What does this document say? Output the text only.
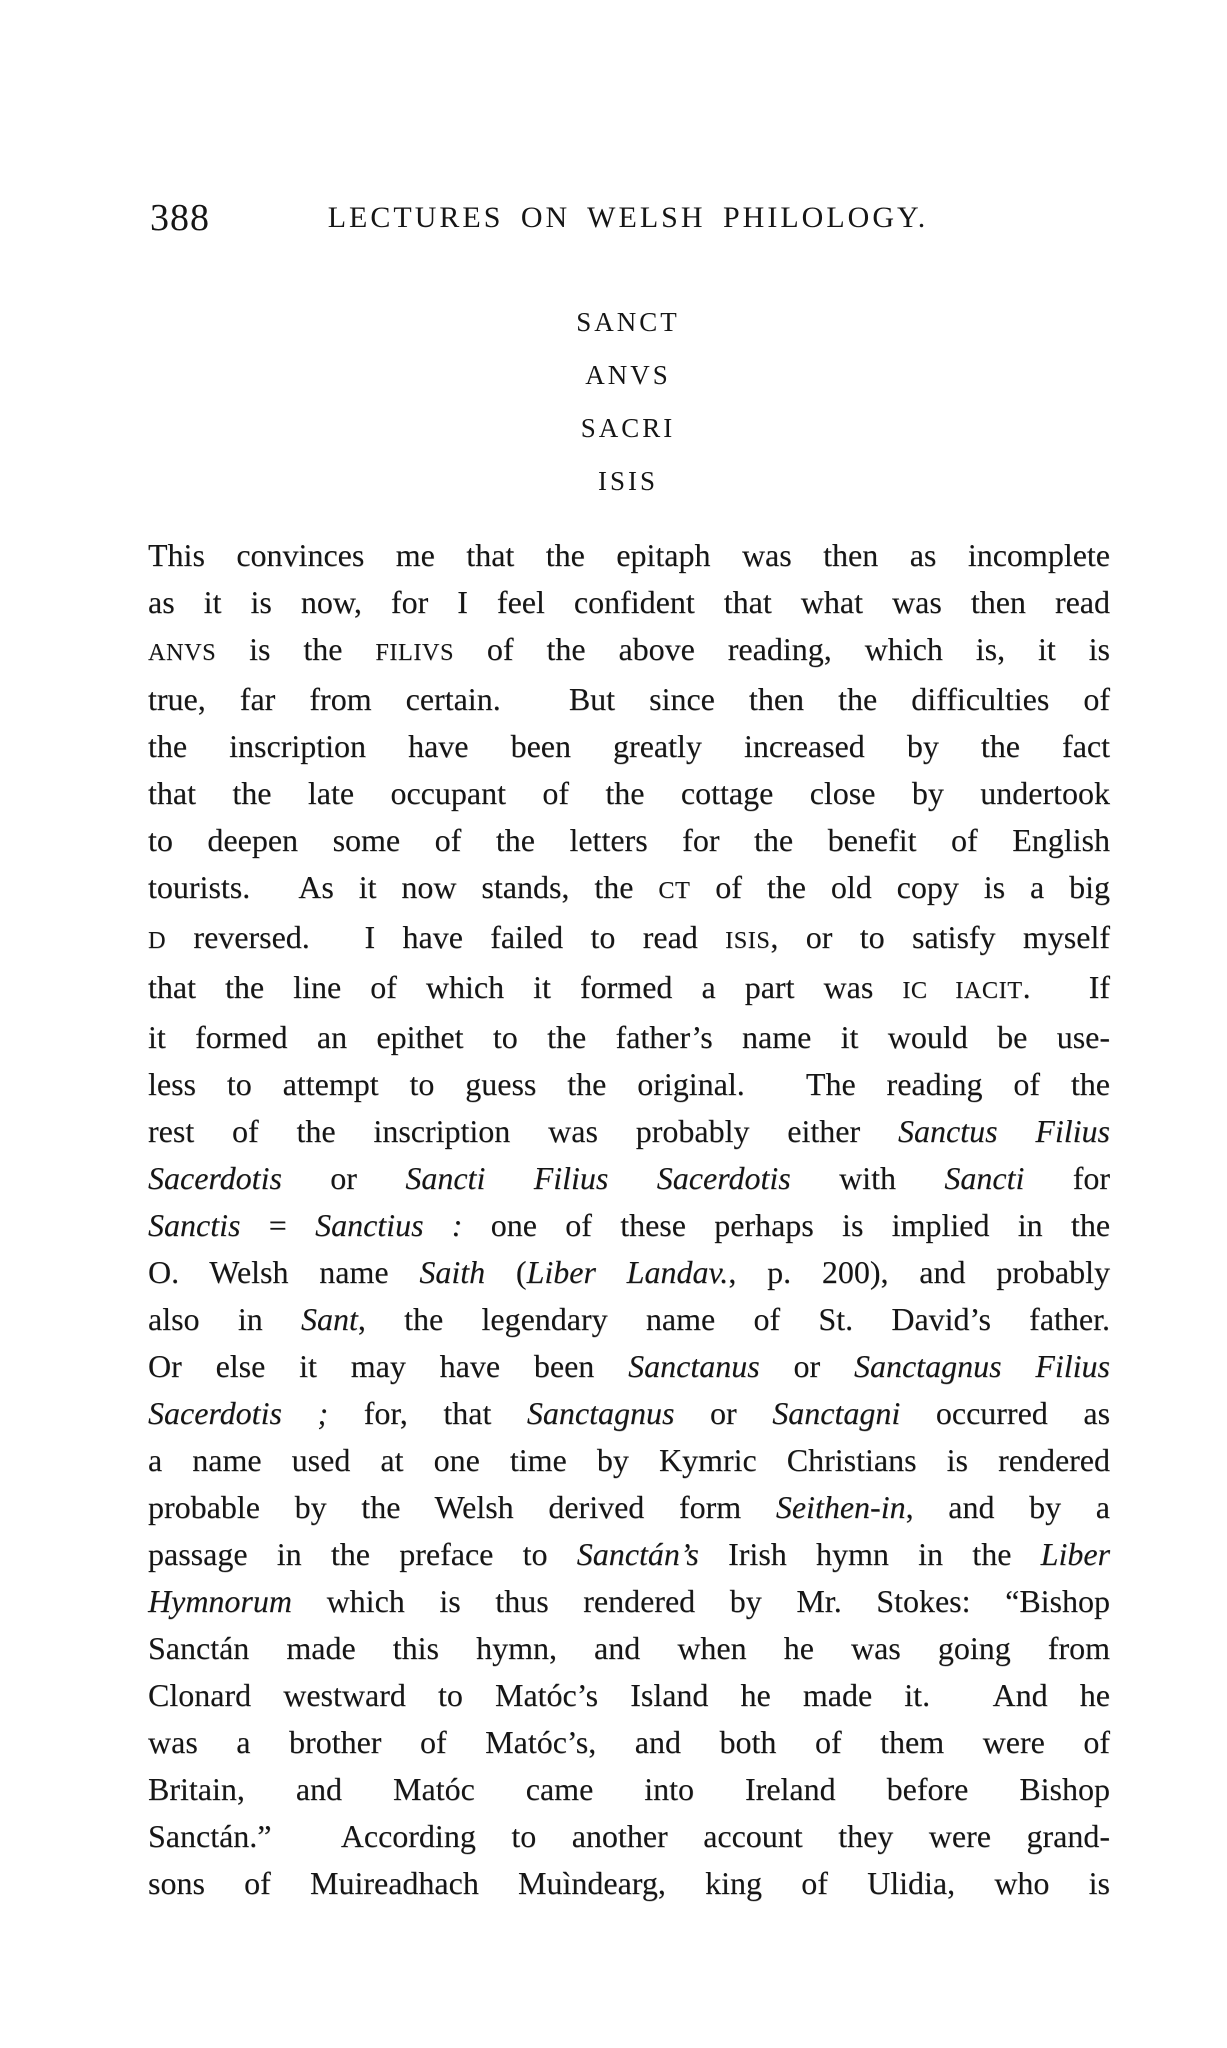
388	LECTURES ON WELSH PHILOLOGY.
SANCT
ANVS
SACRI
ISIS
This convinces me that the epitaph was then as incomplete
as it is now, for I feel confident that what was then read
ANVS is the FILIVS of the above reading, which is, it is
true, far from certain.  But since then the difficulties of
the inscription have been greatly increased by the fact
that the late occupant of the cottage close by undertook
to deepen some of the letters for the benefit of English
tourists.  As it now stands, the CT of the old copy is a big
D reversed.  I have failed to read ISIS, or to satisfy myself
that the line of which it formed a part was IC IACIT.  If
it formed an epithet to the father’s name it would be use-
less to attempt to guess the original.  The reading of the
rest of the inscription was probably either Sanctus Filius
Sacerdotis or Sancti Filius Sacerdotis with Sancti for
Sanctis = Sanctius : one of these perhaps is implied in the
O. Welsh name Saith (Liber Landav., p. 200), and probably
also in Sant, the legendary name of St. David’s father.
Or else it may have been Sanctanus or Sanctagnus Filius
Sacerdotis ; for, that Sanctagnus or Sanctagni occurred as
a name used at one time by Kymric Christians is rendered
probable by the Welsh derived form Seithen-in, and by a
passage in the preface to Sanctán’s Irish hymn in the Liber
Hymnorum which is thus rendered by Mr. Stokes: “Bishop
Sanctán made this hymn, and when he was going from
Clonard westward to Matóc’s Island he made it.  And he
was a brother of Matóc’s, and both of them were of
Britain, and Matóc came into Ireland before Bishop
Sanctán.”  According to another account they were grand-
sons of Muireadhach Muìndearg, king of Ulidia, who is
